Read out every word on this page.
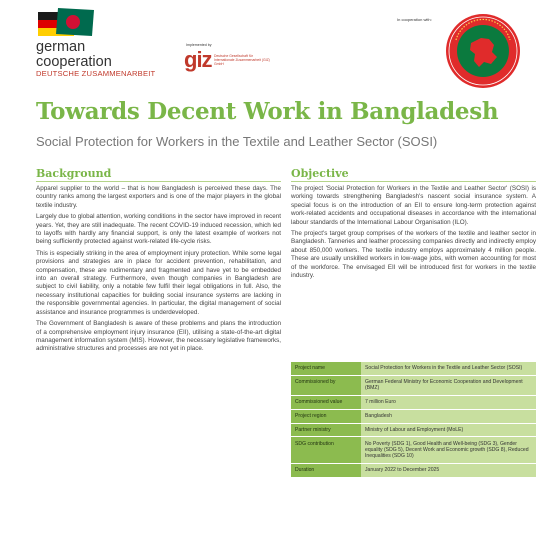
german
cooperation
DEUTSCHE ZUSAMMENARBEIT
Implemented by
giz Deutsche Gesellschaft für Internationale Zusammenarbeit (GIZ) GmbH
In cooperation with:
Towards Decent Work in Bangladesh
Social Protection for Workers in the Textile and Leather Sector (SOSI)
Background	Objective

Apparel supplier to the world – that is how Bangladesh is perceived these days. The country ranks among the largest exporters and is one of the major players in the global textile industry.

Largely due to global attention, working conditions in the sector have improved in recent years. Yet, they are still inadequate. The recent COVID-19 induced recession, which led to layoffs with hardly any financial support, is only the latest example of workers not being sufficiently protected against work-related life-cycle risks.

This is especially striking in the area of employment injury protection. While some legal provisions and strategies are in place for accident prevention, rehabilitation, and compensation, these are rudimentary and fragmented and have yet to be embedded into an overall strategy. Furthermore, even though companies in Bangladesh are subject to civil liability, only a notable few fulfil their legal obligations in full. Also, the necessary institutional capacities for building social insurance systems are lacking in the responsible governmental agencies. In particular, the digital management of social assistance and insurance programmes is underdeveloped.

The Government of Bangladesh is aware of these problems and plans the introduction of a comprehensive employment injury insurance (EII), utilising a state-of-the-art digital management information system (MIS). However, the necessary legislative frameworks, administrative structures and processes are not yet in place.

The project 'Social Protection for Workers in the Textile and Leather Sector' (SOSI) is working towards strengthening Bangladesh's nascent social insurance system. A special focus is on the introduction of an EII to ensure long-term protection against work-related accidents and occupational diseases in accordance with the international labour standards of the International Labour Organisation (ILO).

The project's target group comprises of the workers of the textile and leather sector in Bangladesh. Tanneries and leather processing companies directly and indirectly employ about 850,000 workers. The textile industry employs approximately 4 million people. These are usually unskilled workers in low-wage jobs, with women accounting for most of the workforce. The envisaged EII will be introduced first for workers in the textile industry.

Project name	Social Protection for Workers in the Textile and Leather Sector (SOSI)
Commissioned by	German Federal Ministry for Economic Cooperation and Development (BMZ)
Commissioned value	7 million Euro
Project region	Bangladesh
Partner ministry	Ministry of Labour and Employment (MoLE)
SDG contribution	No Poverty (SDG 1), Good Health and Well-being (SDG 3), Gender equality (SDG 5), Decent Work and Economic growth (SDG 8), Reduced Inequalities (SDG 10)
Duration	January 2022 to December 2025
